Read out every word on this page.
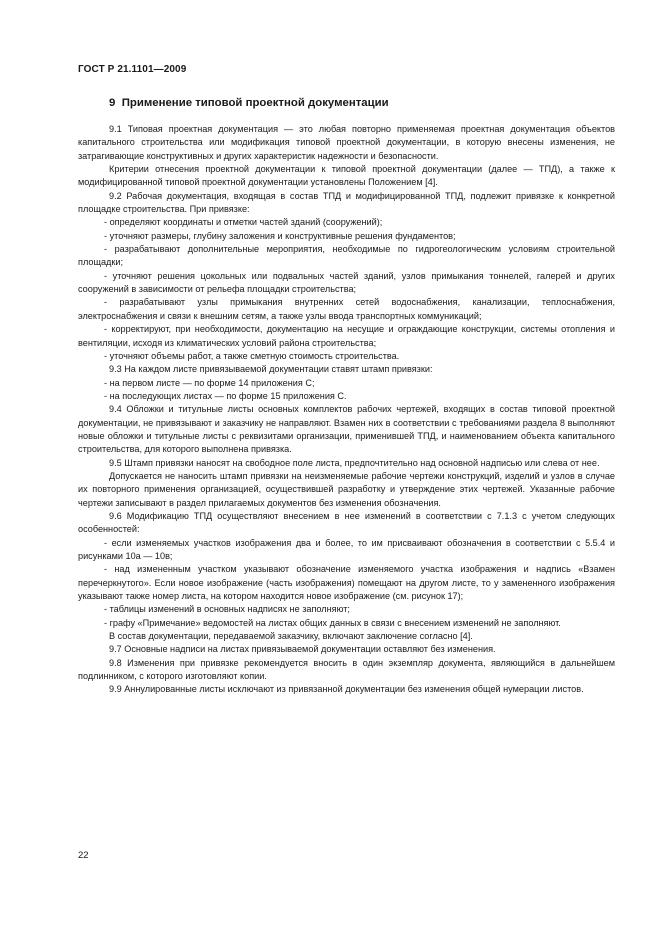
ГОСТ Р 21.1101—2009
9 Применение типовой проектной документации

9.1 Типовая проектная документация — это любая повторно применяемая проектная документация объектов капитального строительства или модификация типовой проектной документации, в которую внесены изменения, не затрагивающие конструктивных и других характеристик надежности и безопасности.

Критерии отнесения проектной документации к типовой проектной документации (далее — ТПД), а также к модифицированной типовой проектной документации установлены Положением [4].

9.2 Рабочая документация, входящая в состав ТПД и модифицированной ТПД, подлежит привязке к конкретной площадке строительства. При привязке:

- определяют координаты и отметки частей зданий (сооружений);

- уточняют размеры, глубину заложения и конструктивные решения фундаментов;

- разрабатывают дополнительные мероприятия, необходимые по гидрогеологическим условиям строительной площадки;

- уточняют решения цокольных или подвальных частей зданий, узлов примыкания тоннелей, галерей и других сооружений в зависимости от рельефа площадки строительства;

- разрабатывают узлы примыкания внутренних сетей водоснабжения, канализации, теплоснабжения, электроснабжения и связи к внешним сетям, а также узлы ввода транспортных коммуникаций;

- корректируют, при необходимости, документацию на несущие и ограждающие конструкции, системы отопления и вентиляции, исходя из климатических условий района строительства;

- уточняют объемы работ, а также сметную стоимость строительства.

9.3 На каждом листе привязываемой документации ставят штамп привязки:

- на первом листе — по форме 14 приложения С;

- на последующих листах — по форме 15 приложения С.

9.4 Обложки и титульные листы основных комплектов рабочих чертежей, входящих в состав типовой проектной документации, не привязывают и заказчику не направляют. Взамен них в соответствии с требованиями раздела 8 выполняют новые обложки и титульные листы с реквизитами организации, применившей ТПД, и наименованием объекта капитального строительства, для которого выполнена привязка.

9.5 Штамп привязки наносят на свободное поле листа, предпочтительно над основной надписью или слева от нее.

Допускается не наносить штамп привязки на неизменяемые рабочие чертежи конструкций, изделий и узлов в случае их повторного применения организацией, осуществившей разработку и утверждение этих чертежей. Указанные рабочие чертежи записывают в раздел прилагаемых документов без изменения обозначения.

9.6 Модификацию ТПД осуществляют внесением в нее изменений в соответствии с 7.1.3 с учетом следующих особенностей:

- если изменяемых участков изображения два и более, то им присваивают обозначения в соответствии с 5.5.4 и рисунками 10а — 10в;

- над измененным участком указывают обозначение изменяемого участка изображения и надпись «Взамен перечеркнутого». Если новое изображение (часть изображения) помещают на другом листе, то у замененного изображения указывают также номер листа, на котором находится новое изображение (см. рисунок 17);

- таблицы изменений в основных надписях не заполняют;

- графу «Примечание» ведомостей на листах общих данных в связи с внесением изменений не заполняют.

В состав документации, передаваемой заказчику, включают заключение согласно [4].

9.7 Основные надписи на листах привязываемой документации оставляют без изменения.

9.8 Изменения при привязке рекомендуется вносить в один экземпляр документа, являющийся в дальнейшем подлинником, с которого изготовляют копии.

9.9 Аннулированные листы исключают из привязанной документации без изменения общей нумерации листов.

22
